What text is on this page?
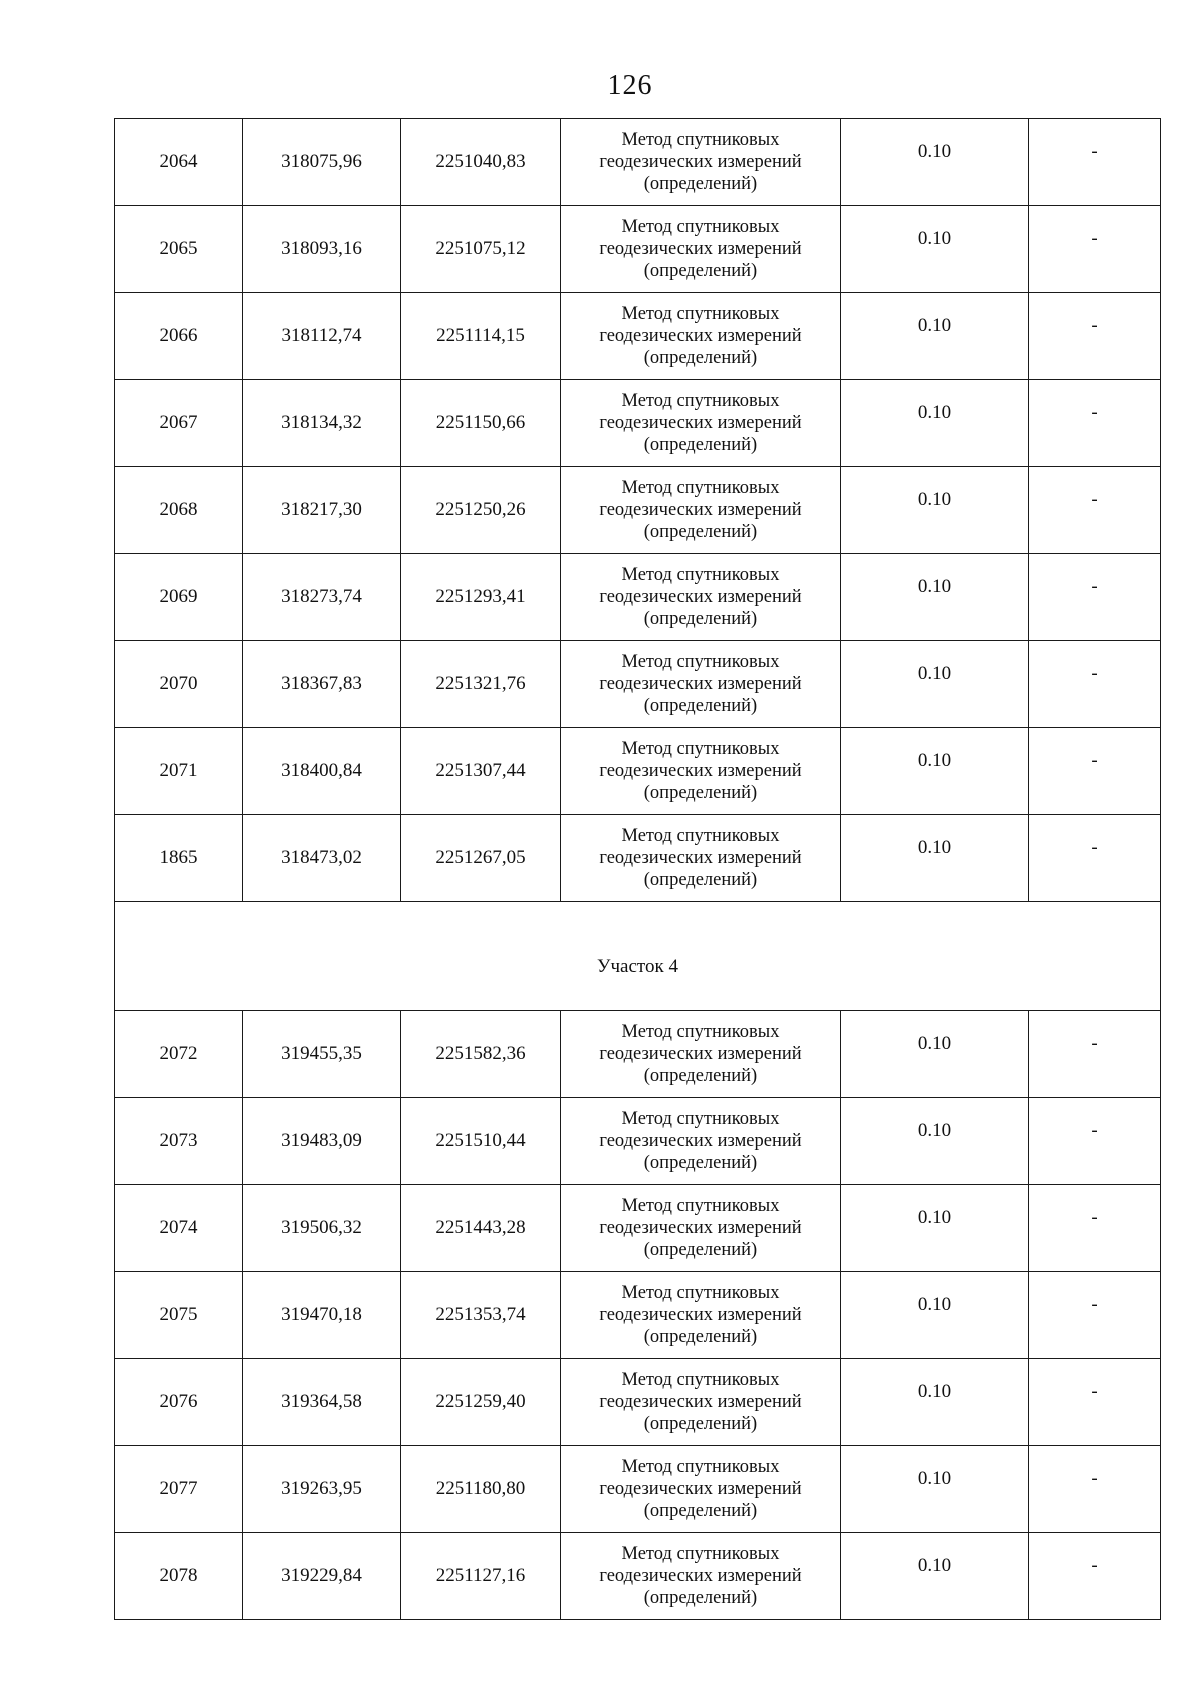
126
2064	318075,96	2251040,83	Метод спутниковых
геодезических измерений
(определений)	0.10	-
2065	318093,16	2251075,12	Метод спутниковых
геодезических измерений
(определений)	0.10	-
2066	318112,74	2251114,15	Метод спутниковых
геодезических измерений
(определений)	0.10	-
2067	318134,32	2251150,66	Метод спутниковых
геодезических измерений
(определений)	0.10	-
2068	318217,30	2251250,26	Метод спутниковых
геодезических измерений
(определений)	0.10	-
2069	318273,74	2251293,41	Метод спутниковых
геодезических измерений
(определений)	0.10	-
2070	318367,83	2251321,76	Метод спутниковых
геодезических измерений
(определений)	0.10	-
2071	318400,84	2251307,44	Метод спутниковых
геодезических измерений
(определений)	0.10	-
1865	318473,02	2251267,05	Метод спутниковых
геодезических измерений
(определений)	0.10	-
Участок 4					
2072	319455,35	2251582,36	Метод спутниковых
геодезических измерений
(определений)	0.10	-
2073	319483,09	2251510,44	Метод спутниковых
геодезических измерений
(определений)	0.10	-
2074	319506,32	2251443,28	Метод спутниковых
геодезических измерений
(определений)	0.10	-
2075	319470,18	2251353,74	Метод спутниковых
геодезических измерений
(определений)	0.10	-
2076	319364,58	2251259,40	Метод спутниковых
геодезических измерений
(определений)	0.10	-
2077	319263,95	2251180,80	Метод спутниковых
геодезических измерений
(определений)	0.10	-
2078	319229,84	2251127,16	Метод спутниковых
геодезических измерений
(определений)	0.10	-
